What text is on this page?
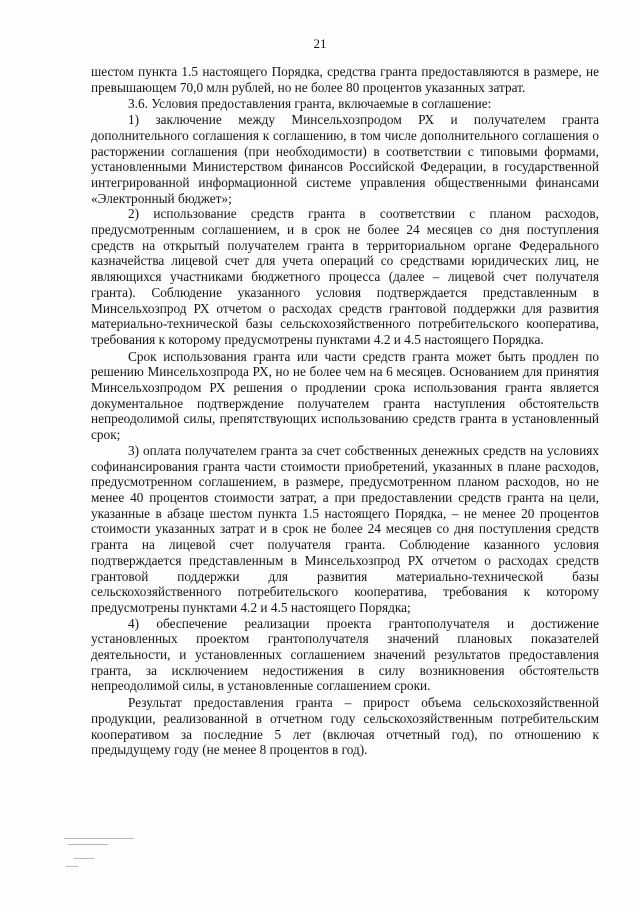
21

шестом пункта 1.5 настоящего Порядка, средства гранта предоставляются в размере, не превышающем 70,0 млн рублей, но не более 80 процентов указанных затрат.

3.6. Условия предоставления гранта, включаемые в соглашение:

1) заключение между Минсельхозпродом РХ и получателем гранта дополнительного соглашения к соглашению, в том числе дополнительного соглашения о расторжении соглашения (при необходимости) в соответствии с типовыми формами, установленными Министерством финансов Российской Федерации, в государственной интегрированной информационной системе управления общественными финансами «Электронный бюджет»;

2) использование средств гранта в соответствии с планом расходов, предусмотренным соглашением, и в срок не более 24 месяцев со дня поступления средств на открытый получателем гранта в территориальном органе Федерального казначейства лицевой счет для учета операций со средствами юридических лиц, не являющихся участниками бюджетного процесса (далее – лицевой счет получателя гранта). Соблюдение указанного условия подтверждается представленным в Минсельхозпрод РХ отчетом о расходах средств грантовой поддержки для развития материально-технической базы сельскохозяйственного потребительского кооператива, требования к которому предусмотрены пунктами 4.2 и 4.5 настоящего Порядка.

Срок использования гранта или части средств гранта может быть продлен по решению Минсельхозпрода РХ, но не более чем на 6 месяцев. Основанием для принятия Минсельхозпродом РХ решения о продлении срока использования гранта является документальное подтверждение получателем гранта наступления обстоятельств непреодолимой силы, препятствующих использованию средств гранта в установленный срок;

3) оплата получателем гранта за счет собственных денежных средств на условиях софинансирования гранта части стоимости приобретений, указанных в плане расходов, предусмотренном соглашением, в размере, предусмотренном планом расходов, но не менее 40 процентов стоимости затрат, а при предоставлении средств гранта на цели, указанные в абзаце шестом пункта 1.5 настоящего Порядка, – не менее 20 процентов стоимости указанных затрат и в срок не более 24 месяцев со дня поступления средств гранта на лицевой счет получателя гранта. Соблюдение казанного условия подтверждается представленным в Минсельхозпрод РХ отчетом о расходах средств грантовой поддержки для развития материально-технической базы сельскохозяйственного потребительского кооператива, требования к которому предусмотрены пунктами 4.2 и 4.5 настоящего Порядка;

4) обеспечение реализации проекта грантополучателя и достижение установленных проектом грантополучателя значений плановых показателей деятельности, и установленных соглашением значений результатов предоставления гранта, за исключением недостижения в силу возникновения обстоятельств непреодолимой силы, в установленные соглашением сроки.

Результат предоставления гранта – прирост объема сельскохозяйственной продукции, реализованной в отчетном году сельскохозяйственным потребительским кооперативом за последние 5 лет (включая отчетный год), по отношению к предыдущему году (не менее 8 процентов в год).
